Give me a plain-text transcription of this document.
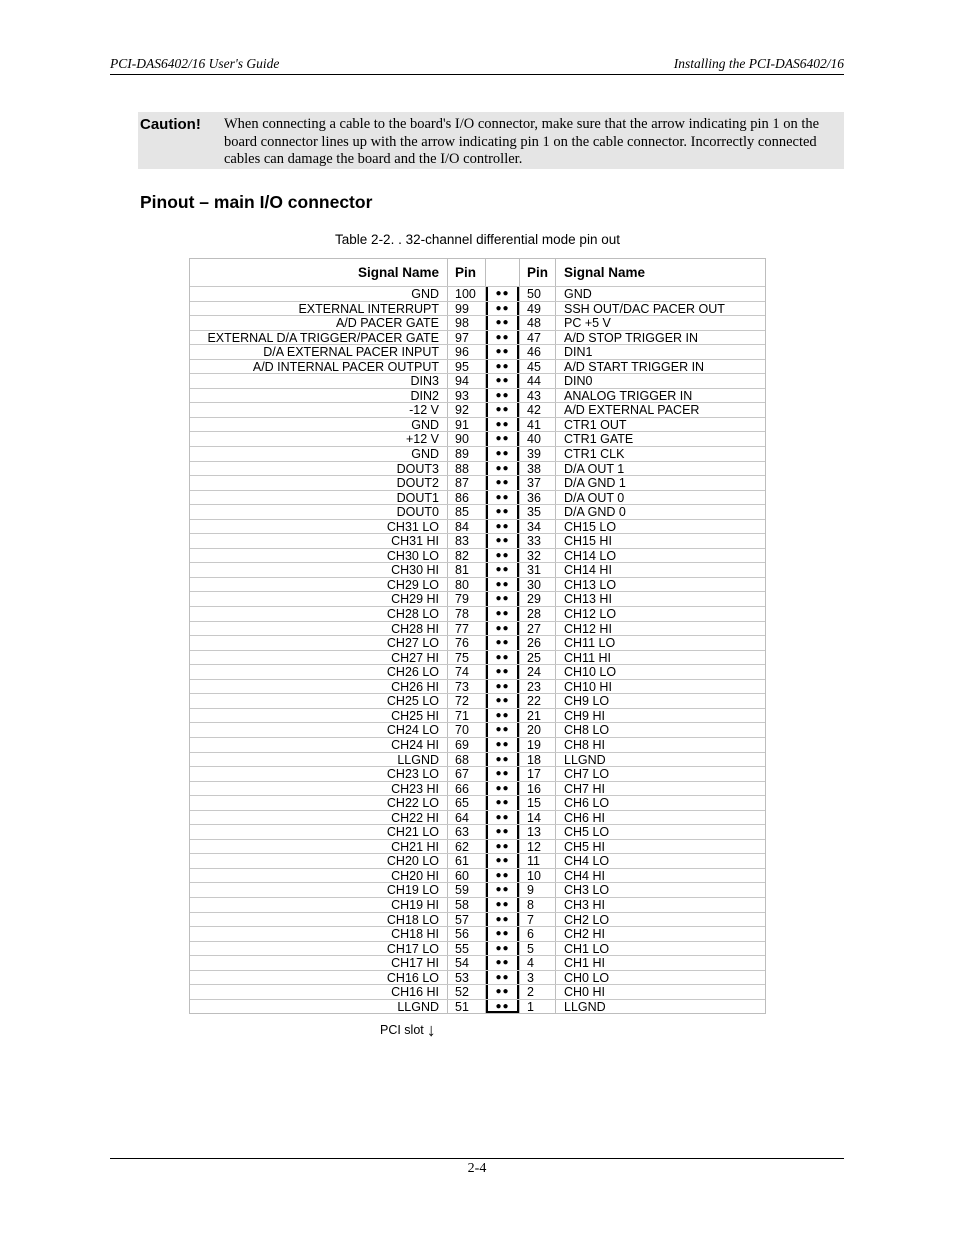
PCI-DAS6402/16 User's Guide	Installing the PCI-DAS6402/16
Caution! When connecting a cable to the board's I/O connector, make sure that the arrow indicating pin 1 on the board connector lines up with the arrow indicating pin 1 on the cable connector. Incorrectly connected cables can damage the board and the I/O controller.
Pinout – main I/O connector
Table 2-2. . 32-channel differential mode pin out
Signal Name	Pin	Pin	Signal Name
GND	100	●●	50	GND
EXTERNAL INTERRUPT	99	●●	49	SSH OUT/DAC PACER OUT
A/D PACER GATE	98	●●	48	PC +5 V
EXTERNAL D/A TRIGGER/PACER GATE	97	●●	47	A/D STOP TRIGGER IN
D/A EXTERNAL PACER INPUT	96	●●	46	DIN1
A/D INTERNAL PACER OUTPUT	95	●●	45	A/D START TRIGGER IN
DIN3	94	●●	44	DIN0
DIN2	93	●●	43	ANALOG TRIGGER IN
-12 V	92	●●	42	A/D EXTERNAL PACER
GND	91	●●	41	CTR1 OUT
+12 V	90	●●	40	CTR1 GATE
GND	89	●●	39	CTR1 CLK
DOUT3	88	●●	38	D/A OUT 1
DOUT2	87	●●	37	D/A GND 1
DOUT1	86	●●	36	D/A OUT 0
DOUT0	85	●●	35	D/A GND 0
CH31 LO	84	●●	34	CH15 LO
CH31 HI	83	●●	33	CH15 HI
CH30 LO	82	●●	32	CH14 LO
CH30 HI	81	●●	31	CH14 HI
CH29 LO	80	●●	30	CH13 LO
CH29 HI	79	●●	29	CH13 HI
CH28 LO	78	●●	28	CH12 LO
CH28 HI	77	●●	27	CH12 HI
CH27 LO	76	●●	26	CH11 LO
CH27 HI	75	●●	25	CH11 HI
CH26 LO	74	●●	24	CH10 LO
CH26 HI	73	●●	23	CH10 HI
CH25 LO	72	●●	22	CH9 LO
CH25 HI	71	●●	21	CH9 HI
CH24 LO	70	●●	20	CH8 LO
CH24 HI	69	●●	19	CH8 HI
LLGND	68	●●	18	LLGND
CH23 LO	67	●●	17	CH7 LO
CH23 HI	66	●●	16	CH7 HI
CH22 LO	65	●●	15	CH6 LO
CH22 HI	64	●●	14	CH6 HI
CH21 LO	63	●●	13	CH5 LO
CH21 HI	62	●●	12	CH5 HI
CH20 LO	61	●●	11	CH4 LO
CH20 HI	60	●●	10	CH4 HI
CH19 LO	59	●●	9	CH3 LO
CH19 HI	58	●●	8	CH3 HI
CH18 LO	57	●●	7	CH2 LO
CH18 HI	56	●●	6	CH2 HI
CH17 LO	55	●●	5	CH1 LO
CH17 HI	54	●●	4	CH1 HI
CH16 LO	53	●●	3	CH0 LO
CH16 HI	52	●●	2	CH0 HI
LLGND	51	●●	1	LLGND
PCI slot ↓
2-4
